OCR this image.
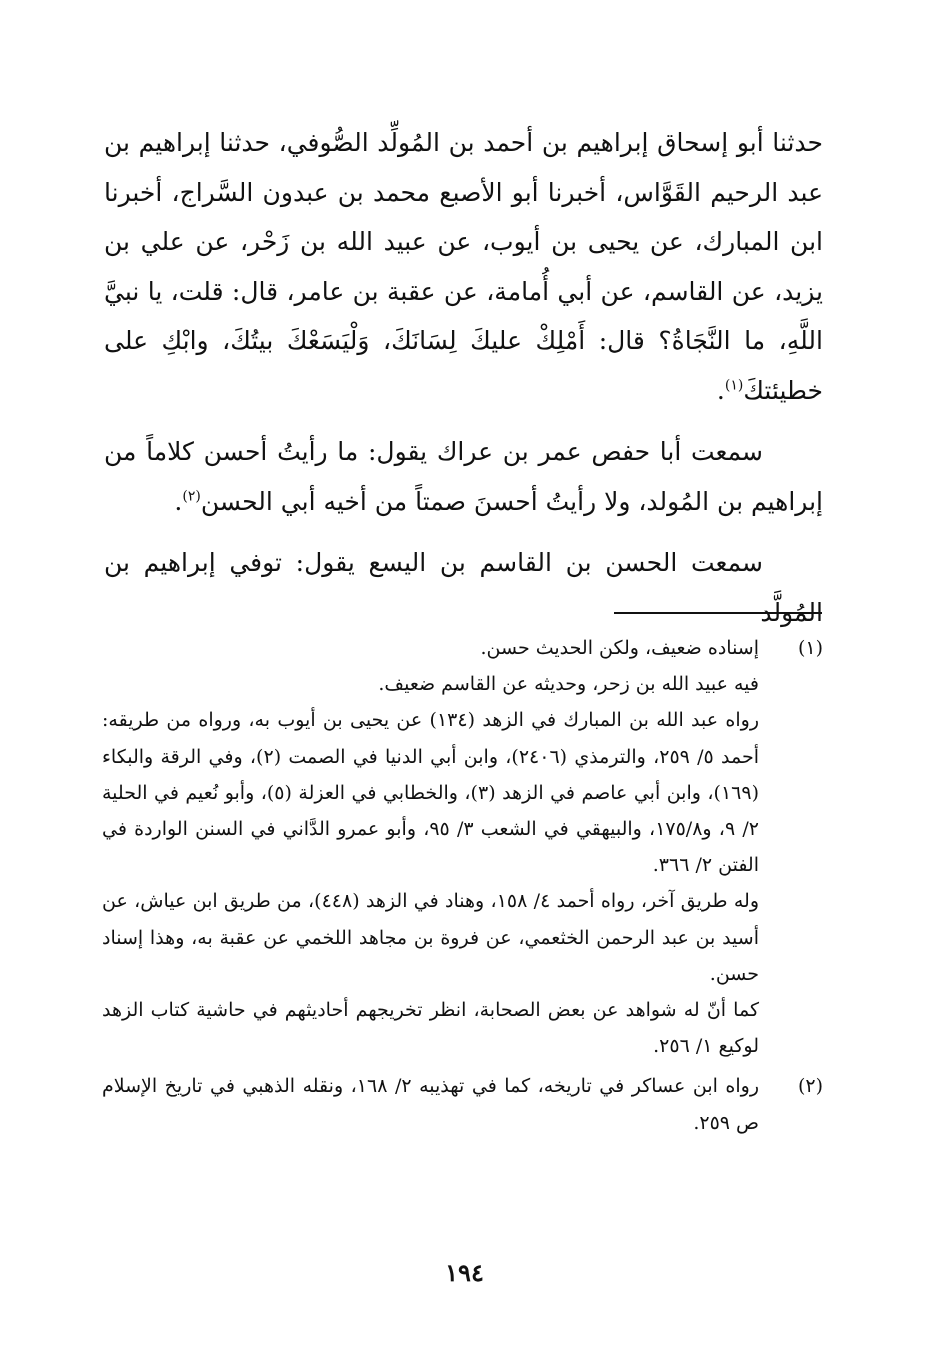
حدثنا أبو إسحاق إبراهيم بن أحمد بن المُولِّد الصُّوفي، حدثنا إبراهيم بن عبد الرحيم القَوَّاس، أخبرنا أبو الأصبع محمد بن عبدون السَّراج، أخبرنا ابن المبارك، عن يحيى بن أيوب، عن عبيد الله بن زَحْر، عن علي بن يزيد، عن القاسم، عن أبي أُمامة، عن عقبة بن عامر، قال: قلت، يا نبيَّ اللَّهِ، ما النَّجَاةُ؟ قال: أَمْلِكْ عليكَ لِسَانَكَ، وَلْيَسَعْكَ بيتُكَ، وابْكِ على خطيئتكَ$^{(١)}$.

سمعت أبا حفص عمر بن عراك يقول: ما رأيتُ أحسن كلاماً من إبراهيم بن المُولد، ولا رأيتُ أحسنَ صمتاً من أخيه أبي الحسن$^{(٢)}$.

سمعت الحسن بن القاسم بن اليسع يقول: توفي إبراهيم بن المُولَّد

(١)

إسناده ضعيف، ولكن الحديث حسن.

فيه عبيد الله بن زحر، وحديثه عن القاسم ضعيف.

رواه عبد الله بن المبارك في الزهد (١٣٤) عن يحيى بن أيوب به، ورواه من طريقه: أحمد ٥/ ٢٥٩، والترمذي (٢٤٠٦)، وابن أبي الدنيا في الصمت (٢)، وفي الرقة والبكاء (١٦٩)، وابن أبي عاصم في الزهد (٣)، والخطابي في العزلة (٥)، وأبو نُعيم في الحلية ٢/ ٩، و١٧٥/٨، والبيهقي في الشعب ٣/ ٩٥، وأبو عمرو الدَّاني في السنن الواردة في الفتن ٢/ ٣٦٦.

وله طريق آخر، رواه أحمد ٤/ ١٥٨، وهناد في الزهد (٤٤٨)، من طريق ابن عياش، عن أسيد بن عبد الرحمن الخثعمي، عن فروة بن مجاهد اللخمي عن عقبة به، وهذا إسناد حسن.

كما أنّ له شواهد عن بعض الصحابة، انظر تخريجهم أحاديثهم في حاشية كتاب الزهد لوكيع ١/ ٢٥٦.

(٢)

رواه ابن عساكر في تاريخه، كما في تهذيبه ٢/ ١٦٨، ونقله الذهبي في تاريخ الإسلام ص ٢٥٩.

١٩٤
